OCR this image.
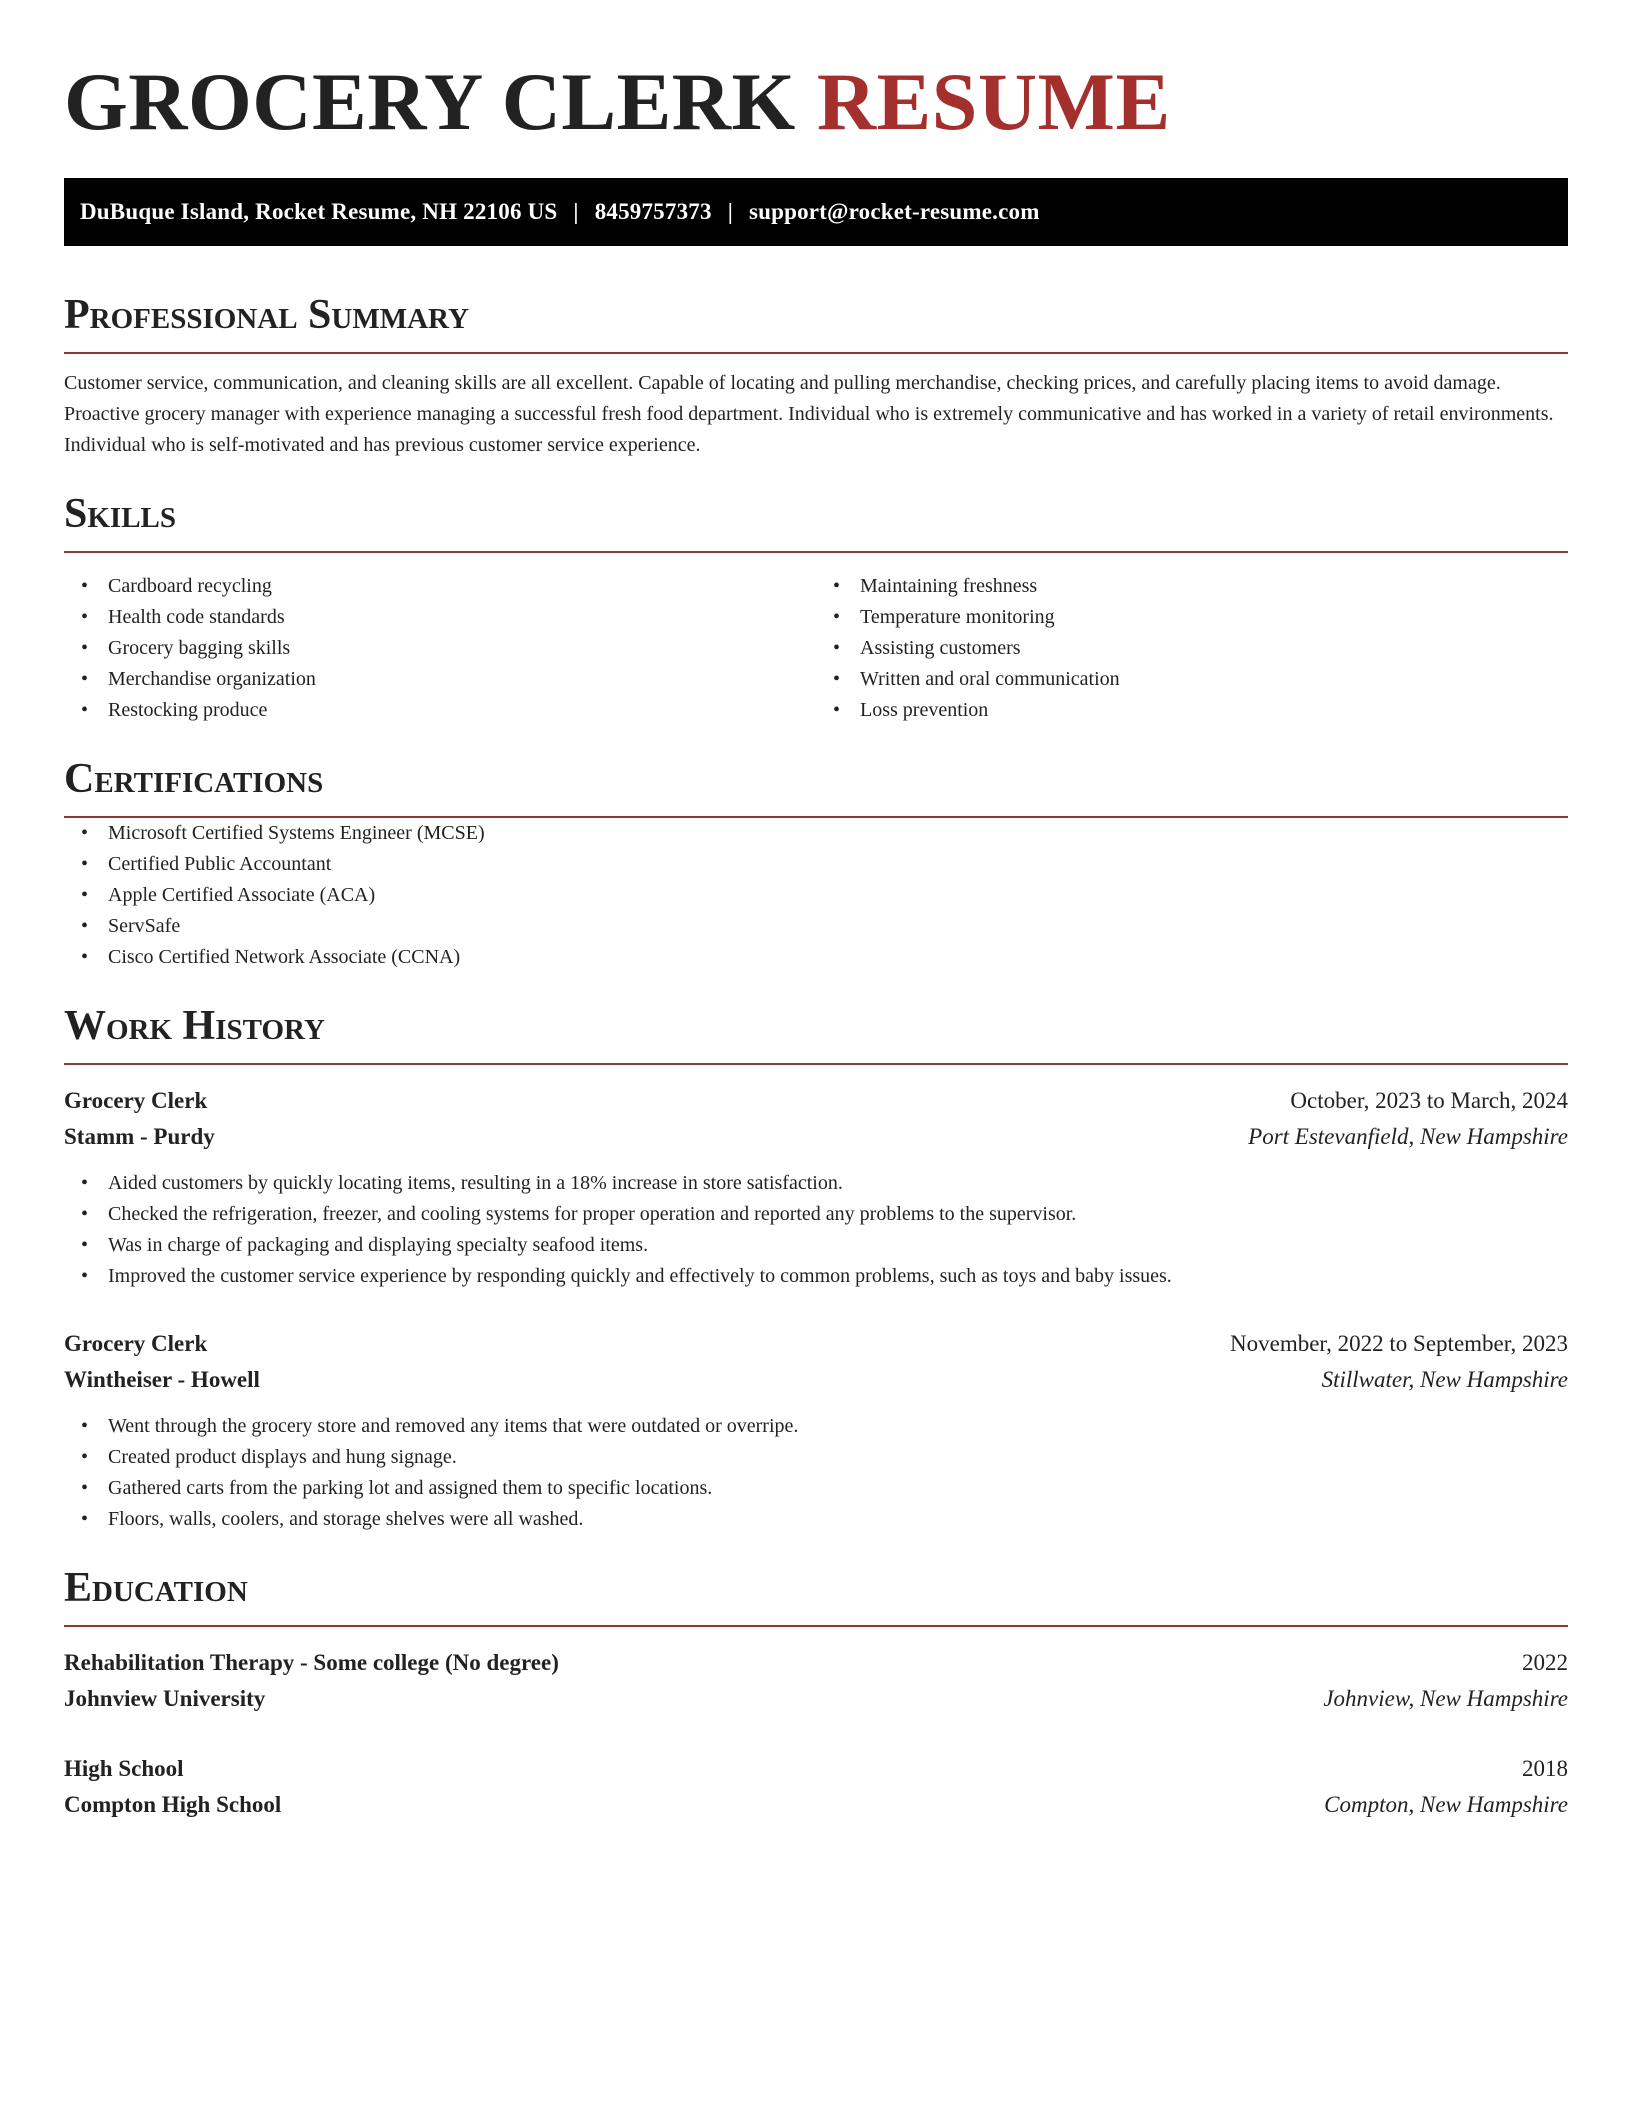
GROCERY CLERK RESUME
DuBuque Island, Rocket Resume, NH 22106 US | 8459757373 | support@rocket-resume.com
Professional Summary

Customer service, communication, and cleaning skills are all excellent. Capable of locating and pulling merchandise, checking prices, and carefully placing items to avoid damage. Proactive grocery manager with experience managing a successful fresh food department. Individual who is extremely communicative and has worked in a variety of retail environments. Individual who is self-motivated and has previous customer service experience.

Skills
• Cardboard recycling
• Health code standards
• Grocery bagging skills
• Merchandise organization
• Restocking produce
• Maintaining freshness
• Temperature monitoring
• Assisting customers
• Written and oral communication
• Loss prevention
Certifications
• Microsoft Certified Systems Engineer (MCSE)
• Certified Public Accountant
• Apple Certified Associate (ACA)
• ServSafe
• Cisco Certified Network Associate (CCNA)
Work History
Grocery Clerk	October, 2023 to March, 2024
Stamm - Purdy	Port Estevanfield, New Hampshire
• Aided customers by quickly locating items, resulting in a 18% increase in store satisfaction.
• Checked the refrigeration, freezer, and cooling systems for proper operation and reported any problems to the supervisor.
• Was in charge of packaging and displaying specialty seafood items.
• Improved the customer service experience by responding quickly and effectively to common problems, such as toys and baby issues.
Grocery Clerk	November, 2022 to September, 2023
Wintheiser - Howell	Stillwater, New Hampshire
• Went through the grocery store and removed any items that were outdated or overripe.
• Created product displays and hung signage.
• Gathered carts from the parking lot and assigned them to specific locations.
• Floors, walls, coolers, and storage shelves were all washed.
Education
Rehabilitation Therapy - Some college (No degree)	2022
Johnview University	Johnview, New Hampshire
High School	2018
Compton High School	Compton, New Hampshire
